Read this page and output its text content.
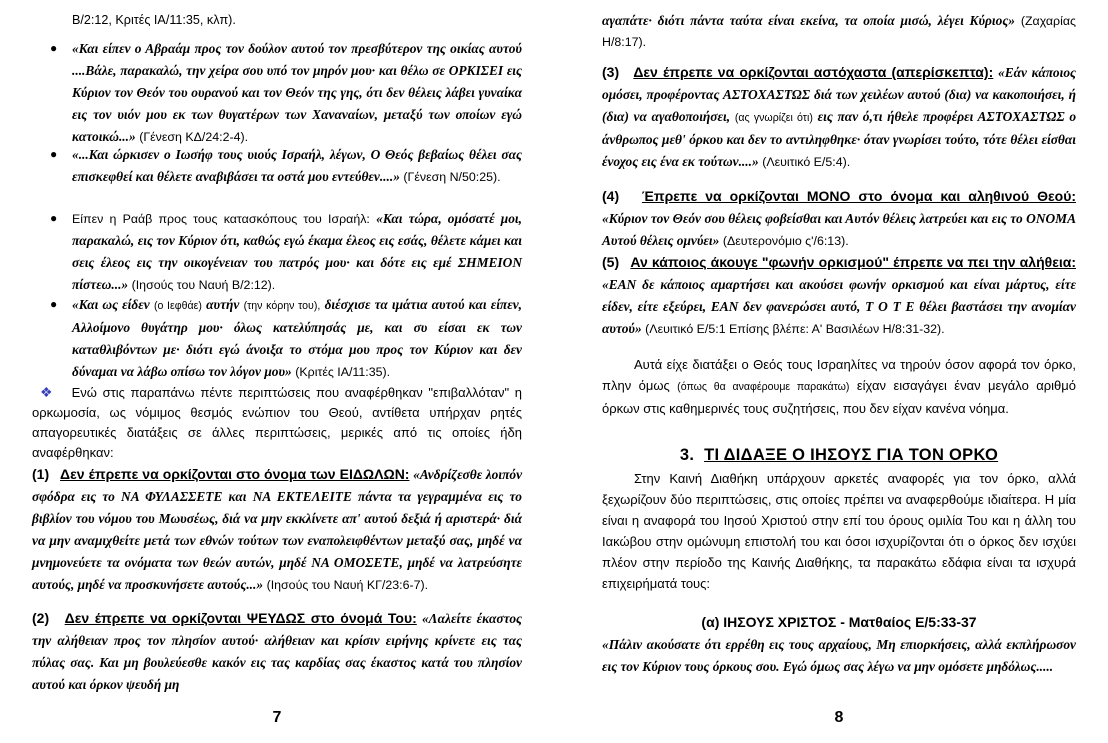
Β/2:12, Κριτές ΙΑ/11:35, κλπ).

●	«Και είπεν ο Αβραάμ προς τον δούλον αυτού τον πρεσβύτερον της οικίας αυτού ....Βάλε, παρακαλώ, την χείρα σου υπό τον μηρόν μου· και θέλω σε ΟΡΚΙΣΕΙ εις Κύριον τον Θεόν του ουρανού και τον Θεόν της γης, ότι δεν θέλεις λάβει γυναίκα εις τον υιόν μου εκ των θυγατέρων των Χαναναίων, μεταξύ των οποίων εγώ κατοικώ...» (Γένεση ΚΔ/24:2-4).

●	«...Και ώρκισεν ο Ιωσήφ τους υιούς Ισραήλ, λέγων, Ο Θεός βεβαίως θέλει σας επισκεφθεί και θέλετε αναβιβάσει τα οστά μου εντεύθεν....» (Γένεση Ν/50:25).

●	Είπεν η Ραάβ προς τους κατασκόπους του Ισραήλ: «Και τώρα, ομόσατέ μοι, παρακαλώ, εις τον Κύριον ότι, καθώς εγώ έκαμα έλεος εις εσάς, θέλετε κάμει και σεις έλεος εις την οικογένειαν του πατρός μου· και δότε εις εμέ ΣΗΜΕΙΟΝ πίστεω...» (Ιησούς του Ναυή Β/2:12).

●	«Και ως είδεν (ο Ιεφθάε) αυτήν (την κόρην του), διέσχισε τα ιμάτια αυτού και είπεν, Αλλοίμονο θυγάτηρ μου· όλως κατελύπησάς με, και συ είσαι εκ των καταθλιβόντων με· διότι εγώ άνοιξα το στόμα μου προς τον Κύριον και δεν δύναμαι να λάβω οπίσω τον λόγον μου» (Κριτές ΙΑ/11:35).

❖ Ενώ στις παραπάνω πέντε περιπτώσεις που αναφέρθηκαν "επιβαλλόταν" η ορκωμοσία, ως νόμιμος θεσμός ενώπιον του Θεού, αντίθετα υπήρχαν ρητές απαγορευτικές διατάξεις σε άλλες περιπτώσεις, μερικές από τις οποίες ήδη αναφέρθηκαν:

(1) Δεν έπρεπε να ορκίζονται στο όνομα των ΕΙΔΩΛΩΝ: «Ανδρίζεσθε λοιπόν σφόδρα εις το ΝΑ ΦΥΛΑΣΣΕΤΕ και ΝΑ ΕΚΤΕΛΕΙΤΕ πάντα τα γεγραμμένα εις το βιβλίον του νόμου του Μωυσέως, διά να μην εκκλίνετε απ' αυτού δεξιά ή αριστερά· διά να μην αναμιχθείτε μετά των εθνών τούτων των εναπολειφθέντων μεταξύ σας, μηδέ να μνημονεύετε τα ονόματα των θεών αυτών, μηδέ ΝΑ ΟΜΟΣΕΤΕ, μηδέ να λατρεύσητε αυτούς, μηδέ να προσκυνήσετε αυτούς...» (Ιησούς του Ναυή ΚΓ/23:6-7).

(2) Δεν έπρεπε να ορκίζονται ΨΕΥΔΩΣ στο όνομά Του: «Λαλείτε έκαστος την αλήθειαν προς τον πλησίον αυτού· αλήθειαν και κρίσιν ειρήνης κρίνετε εις τας πύλας σας. Και μη βουλεύεσθε κακόν εις τας καρδίας σας έκαστος κατά του πλησίον αυτού και όρκον ψευδή μη

7

αγαπάτε· διότι πάντα ταύτα είναι εκείνα, τα οποία μισώ, λέγει Κύριος» (Ζαχαρίας Η/8:17).

(3) Δεν έπρεπε να ορκίζονται αστόχαστα (απερίσκεπτα): «Εάν κάποιος ομόσει, προφέροντας ΑΣΤΟΧΑΣΤΩΣ διά των χειλέων αυτού (δια) να κακοποιήσει, ή (δια) να αγαθοποιήσει, (ας γνωρίζει ότι) εις παν ό,τι ήθελε προφέρει ΑΣΤΟΧΑΣΤΩΣ ο άνθρωπος μεθ' όρκου και δεν το αντιληφθηκε· όταν γνωρίσει τούτο, τότε θέλει είσθαι ένοχος εις ένα εκ τούτων....» (Λευιτικό Ε/5:4).

(4) Έπρεπε να ορκίζονται ΜΟΝΟ στο όνομα και αληθινού Θεού: «Κύριον τον Θεόν σου θέλεις φοβείσθαι και Αυτόν θέλεις λατρεύει και εις το ΟΝΟΜΑ Αυτού θέλεις ομνύει» (Δευτερονόμιο ς'/6:13).

(5) Αν κάποιος άκουγε "φωνήν ορκισμού" έπρεπε να πει την αλήθεια: «ΕΑΝ δε κάποιος αμαρτήσει και ακούσει φωνήν ορκισμού και είναι μάρτυς, είτε είδεν, είτε εξεύρει, ΕΑΝ δεν φανερώσει αυτό, Τ Ο Τ Ε θέλει βαστάσει την ανομίαν αυτού» (Λευιτικό Ε/5:1 Επίσης βλέπε: Α' Βασιλέων Η/8:31-32).

Αυτά είχε διατάξει ο Θεός τους Ισραηλίτες να τηρούν όσον αφορά τον όρκο, πλην όμως (όπως θα αναφέρουμε παρακάτω) είχαν εισαγάγει έναν μεγάλο αριθμό όρκων στις καθημερινές τους συζητήσεις, που δεν είχαν κανένα νόημα.

3. ΤΙ ΔΙΔΑΞΕ Ο ΙΗΣΟΥΣ ΓΙΑ ΤΟΝ ΟΡΚΟ

Στην Καινή Διαθήκη υπάρχουν αρκετές αναφορές για τον όρκο, αλλά ξεχωρίζουν δύο περιπτώσεις, στις οποίες πρέπει να αναφερθούμε ιδιαίτερα. Η μία είναι η αναφορά του Ιησού Χριστού στην επί του όρους ομιλία Του και η άλλη του Ιακώβου στην ομώνυμη επιστολή του και όσοι ισχυρίζονται ότι ο όρκος δεν ισχύει πλέον στην περίοδο της Καινής Διαθήκης, τα παρακάτω εδάφια είναι τα ισχυρά επιχειρήματά τους:

(α) ΙΗΣΟΥΣ ΧΡΙΣΤΟΣ - Ματθαίος Ε/5:33-37

«Πάλιν ακούσατε ότι ερρέθη εις τους αρχαίους, Μη επιορκήσεις, αλλά εκπλήρωσον εις τον Κύριον τους όρκους σου. Εγώ όμως σας λέγω να μην ομόσετε μηδόλως.....

8
